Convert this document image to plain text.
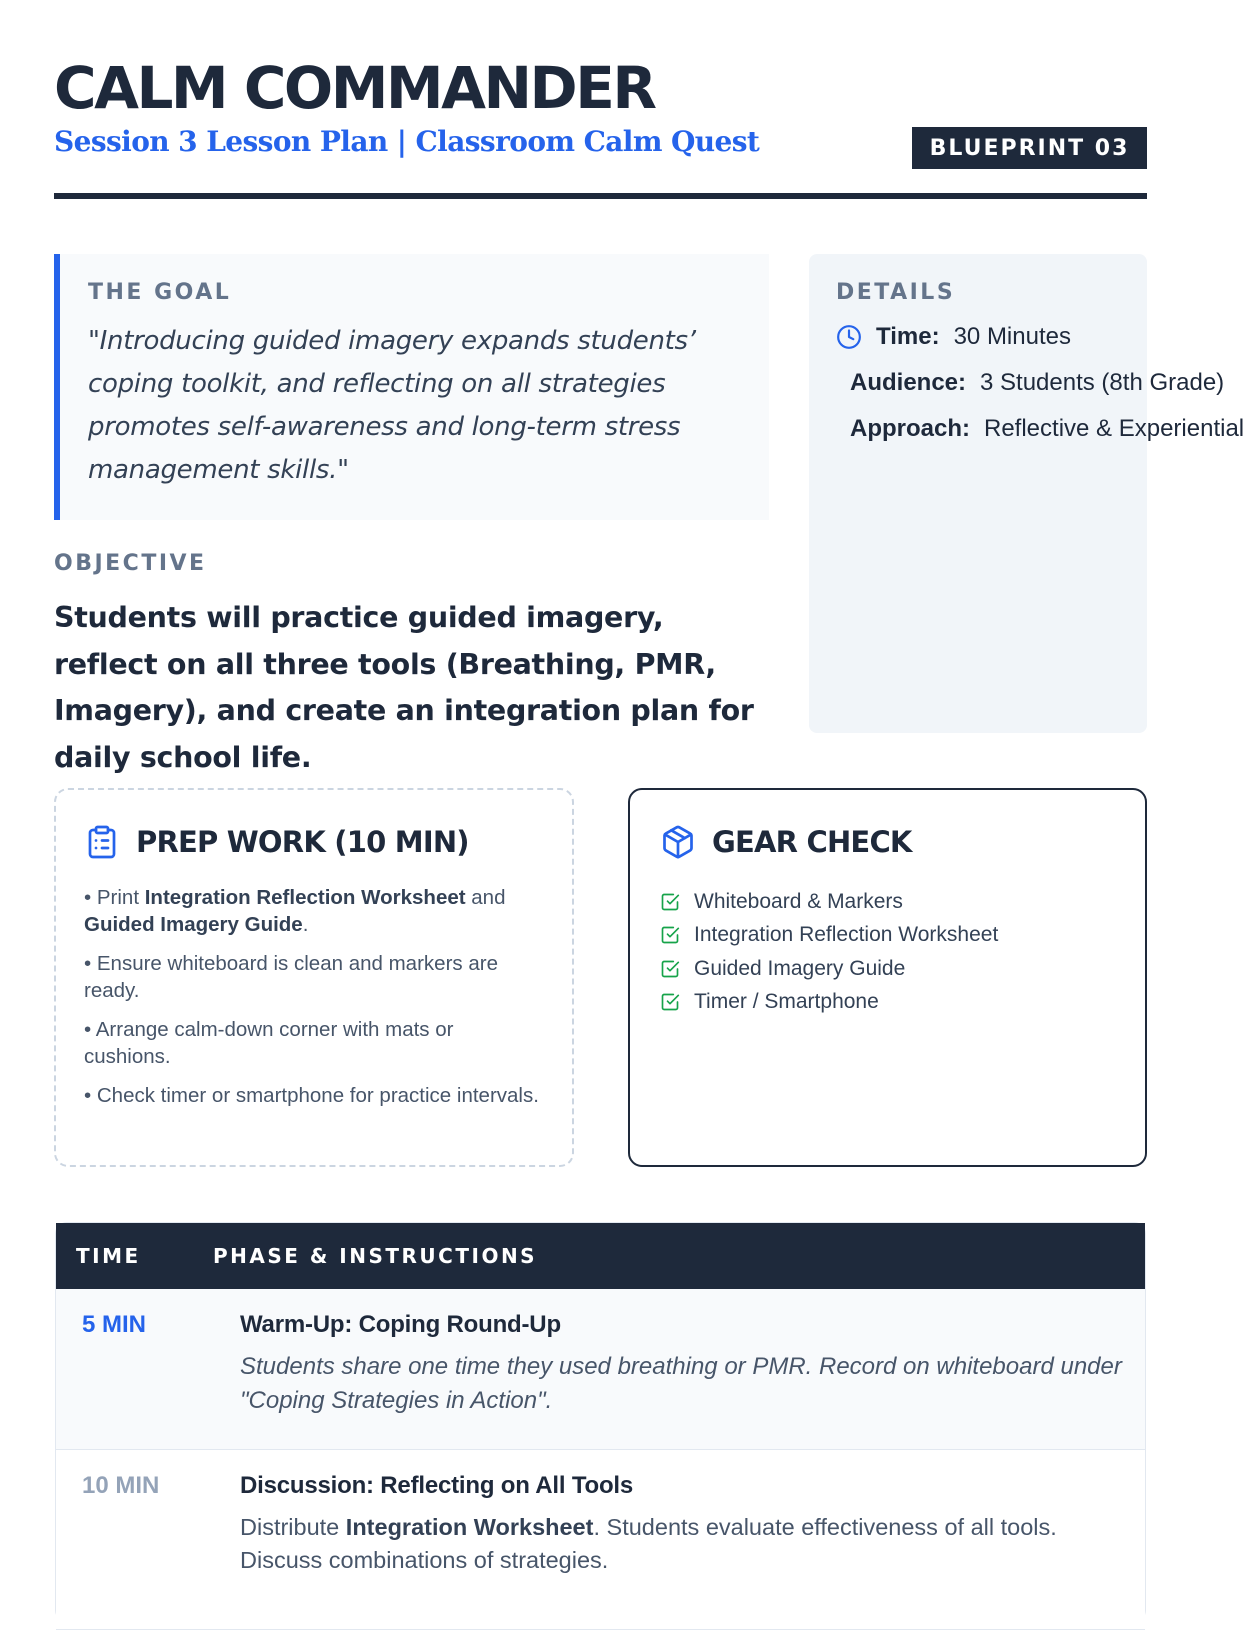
CALM COMMANDER
Session 3 Lesson Plan | Classroom Calm Quest	BLUEPRINT 03
THE GOAL
"Introducing guided imagery expands students’ coping toolkit, and reflecting on all strategies promotes self-awareness and long-term stress management skills."
DETAILS
Time: 30 Minutes
Audience: 3 Students (8th Grade)
Approach: Reflective & Experiential
OBJECTIVE
Students will practice guided imagery, reflect on all three tools (Breathing, PMR, Imagery), and create an integration plan for daily school life.
PREP WORK (10 MIN)
• Print Integration Reflection Worksheet and Guided Imagery Guide.
• Ensure whiteboard is clean and markers are ready.
• Arrange calm-down corner with mats or cushions.
• Check timer or smartphone for practice intervals.
GEAR CHECK
Whiteboard & Markers
Integration Reflection Worksheet
Guided Imagery Guide
Timer / Smartphone
TIME	PHASE & INSTRUCTIONS
5 MIN	Warm-Up: Coping Round-Up
Students share one time they used breathing or PMR. Record on whiteboard under "Coping Strategies in Action".
10 MIN	Discussion: Reflecting on All Tools
Distribute Integration Worksheet. Students evaluate effectiveness of all tools. Discuss combinations of strategies.
